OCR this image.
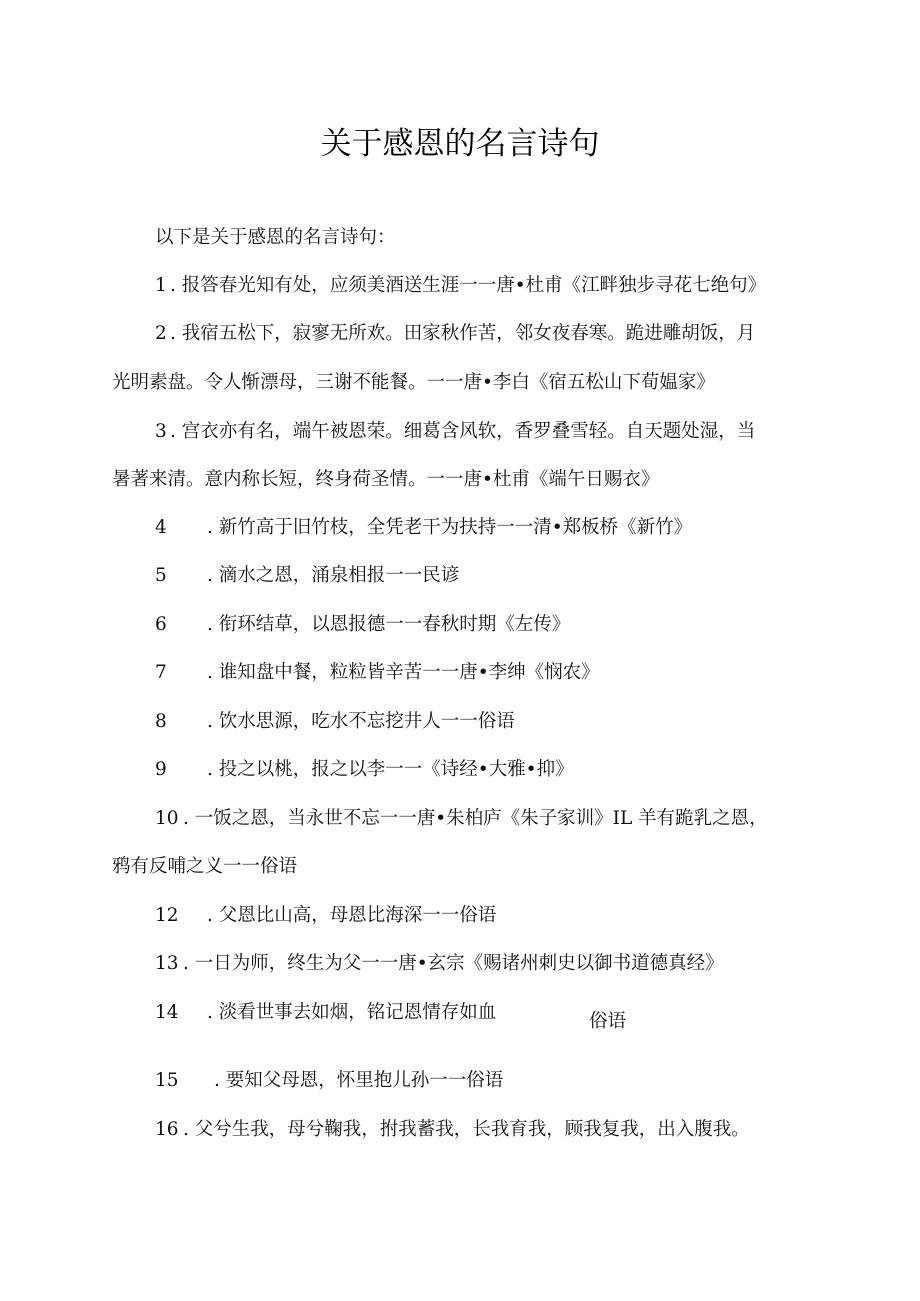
关于感恩的名言诗句
以下是关于感恩的名言诗句：
1 . 报答春光知有处，应须美酒送生涯一一唐•杜甫《江畔独步寻花七绝句》
2 . 我宿五松下，寂寥无所欢。田家秋作苦，邻女夜春寒。跪进雕胡饭，月
光明素盘。令人惭漂母，三谢不能餐。一一唐•李白《宿五松山下荀媪家》
3 . 宫衣亦有名，端午被恩荣。细葛含风软，香罗叠雪轻。自天题处湿，当
暑著来清。意内称长短，终身荷圣情。一一唐•杜甫《端午日赐衣》
4 . 新竹高于旧竹枝，全凭老干为扶持一一清•郑板桥《新竹》
5 . 滴水之恩，涌泉相报一一民谚
6 . 衔环结草，以恩报德一一春秋时期《左传》
7 . 谁知盘中餐，粒粒皆辛苦一一唐•李绅《悯农》
8 . 饮水思源，吃水不忘挖井人一一俗语
9 . 投之以桃，报之以李一一《诗经•大雅•抑》
10 . 一饭之恩，当永世不忘一一唐•朱柏庐《朱子家训》IL 羊有跪乳之恩，
鸦有反哺之义一一俗语
12 . 父恩比山高，母恩比海深一一俗语
13 . 一日为师，终生为父一一唐•玄宗《赐诸州刺史以御书道德真经》
14 . 淡看世事去如烟，铭记恩情存如血	俗语
15 . 要知父母恩，怀里抱儿孙一一俗语
16 . 父兮生我，母兮鞠我，拊我蓄我，长我育我，顾我复我，出入腹我。
